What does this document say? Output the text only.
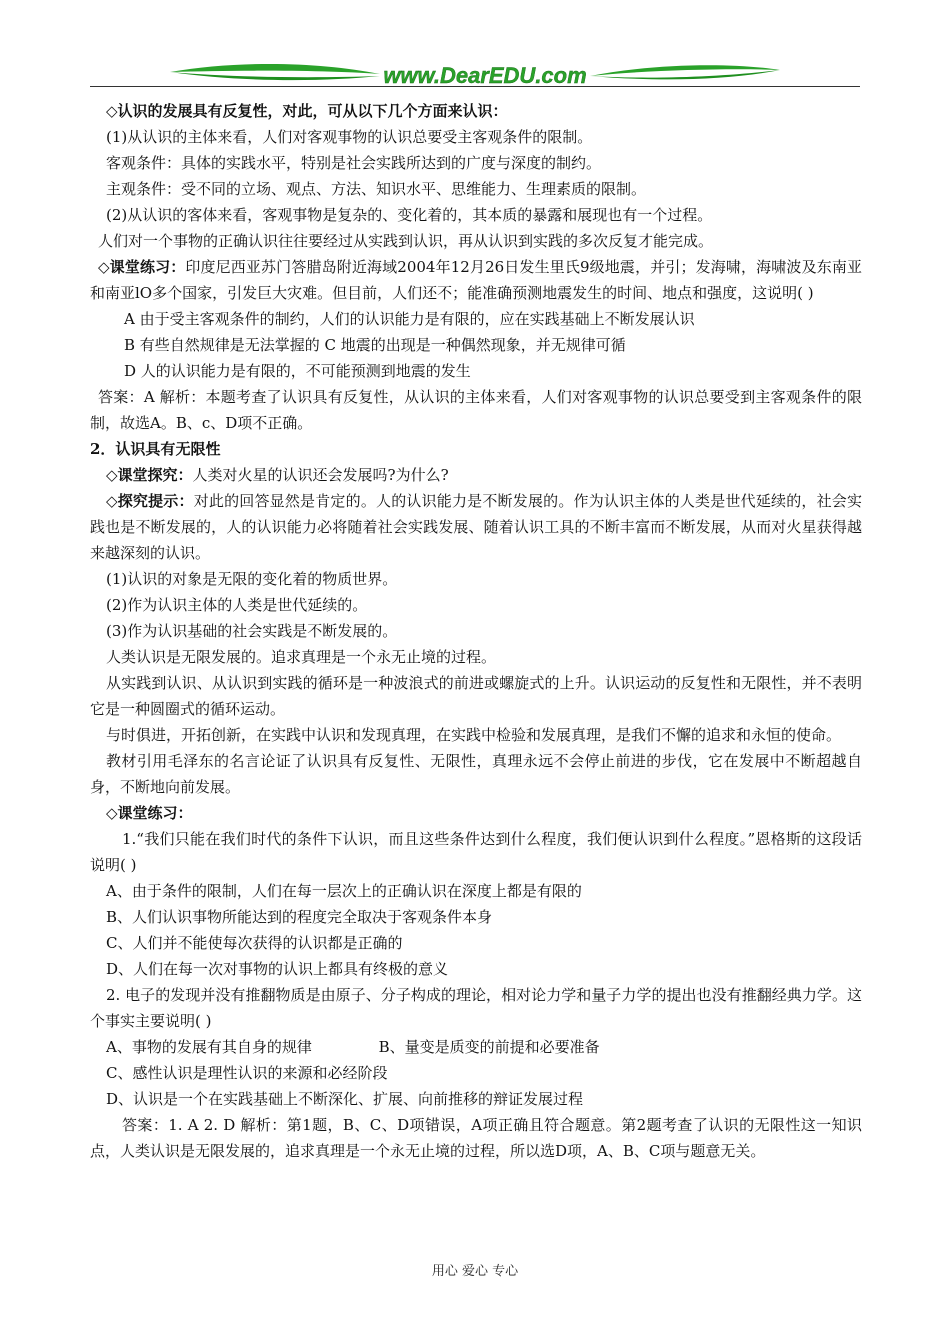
www.DearEDU.com

◇认识的发展具有反复性，对此，可从以下几个方面来认识：

(1)从认识的主体来看，人们对客观事物的认识总要受主客观条件的限制。

客观条件：具体的实践水平，特别是社会实践所达到的广度与深度的制约。

主观条件：受不同的立场、观点、方法、知识水平、思维能力、生理素质的限制。

(2)从认识的客体来看，客观事物是复杂的、变化着的，其本质的暴露和展现也有一个过程。

人们对一个事物的正确认识往往要经过从实践到认识，再从认识到实践的多次反复才能完成。

◇课堂练习：印度尼西亚苏门答腊岛附近海域2004年12月26日发生里氏9级地震，并引；发海啸，海啸波及东南亚和南亚lO多个国家，引发巨大灾难。但目前，人们还不；能准确预测地震发生的时间、地点和强度，这说明( )

A 由于受主客观条件的制约，人们的认识能力是有限的，应在实践基础上不断发展认识

B 有些自然规律是无法掌握的 C 地震的出现是一种偶然现象，并无规律可循

D 人的认识能力是有限的，不可能预测到地震的发生

答案：A 解析：本题考查了认识具有反复性，从认识的主体来看，人们对客观事物的认识总要受到主客观条件的限制，故选A。B、c、D项不正确。

2．认识具有无限性

◇课堂探究：人类对火星的认识还会发展吗?为什么?

◇探究提示：对此的回答显然是肯定的。人的认识能力是不断发展的。作为认识主体的人类是世代延续的，社会实践也是不断发展的，人的认识能力必将随着社会实践发展、随着认识工具的不断丰富而不断发展，从而对火星获得越来越深刻的认识。

(1)认识的对象是无限的变化着的物质世界。

(2)作为认识主体的人类是世代延续的。

(3)作为认识基础的社会实践是不断发展的。

人类认识是无限发展的。追求真理是一个永无止境的过程。

从实践到认识、从认识到实践的循环是一种波浪式的前进或螺旋式的上升。认识运动的反复性和无限性，并不表明它是一种圆圈式的循环运动。

与时俱进，开拓创新，在实践中认识和发现真理，在实践中检验和发展真理，是我们不懈的追求和永恒的使命。

教材引用毛泽东的名言论证了认识具有反复性、无限性，真理永远不会停止前进的步伐，它在发展中不断超越自身，不断地向前发展。

◇课堂练习：

1.“我们只能在我们时代的条件下认识，而且这些条件达到什么程度，我们便认识到什么程度。”恩格斯的这段话说明( )

A、由于条件的限制，人们在每一层次上的正确认识在深度上都是有限的

B、人们认识事物所能达到的程度完全取决于客观条件本身

C、人们并不能使每次获得的认识都是正确的

D、人们在每一次对事物的认识上都具有终极的意义

2. 电子的发现并没有推翻物质是由原子、分子构成的理论，相对论力学和量子力学的提出也没有推翻经典力学。这个事实主要说明( )

A、事物的发展有其自身的规律              B、量变是质变的前提和必要准备

C、感性认识是理性认识的来源和必经阶段

D、认识是一个在实践基础上不断深化、扩展、向前推移的辩证发展过程

答案：1. A 2. D 解析：第1题，B、C、D项错误，A项正确且符合题意。第2题考查了认识的无限性这一知识点，人类认识是无限发展的，追求真理是一个永无止境的过程，所以选D项，A、B、C项与题意无关。

用心 爱心 专心
